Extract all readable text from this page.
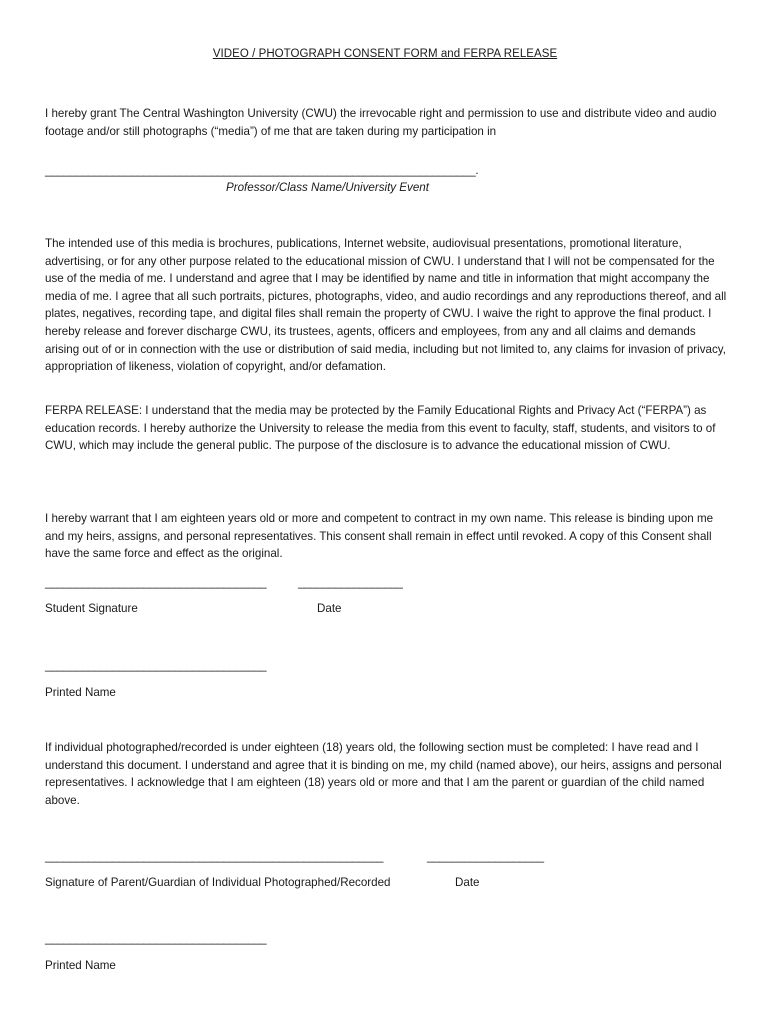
VIDEO / PHOTOGRAPH CONSENT FORM and FERPA RELEASE

I hereby grant The Central Washington University (CWU) the irrevocable right and permission to use and distribute video and audio footage and/or still photographs (“media”) of me that are taken during my participation in

______________________________________________________________________.
Professor/Class Name/University Event

The intended use of this media is brochures, publications, Internet website, audiovisual presentations, promotional literature, advertising, or for any other purpose related to the educational mission of CWU. I understand that I will not be compensated for the use of the media of me. I understand and agree that I may be identified by name and title in information that might accompany the media of me. I agree that all such portraits, pictures, photographs, video, and audio recordings and any reproductions thereof, and all plates, negatives, recording tape, and digital files shall remain the property of CWU. I waive the right to approve the final product. I hereby release and forever discharge CWU, its trustees, agents, officers and employees, from any and all claims and demands arising out of or in connection with the use or distribution of said media, including but not limited to, any claims for invasion of privacy, appropriation of likeness, violation of copyright, and/or defamation.

FERPA RELEASE: I understand that the media may be protected by the Family Educational Rights and Privacy Act (“FERPA”) as education records. I hereby authorize the University to release the media from this event to faculty, staff, students, and visitors to of CWU, which may include the general public. The purpose of the disclosure is to advance the educational mission of CWU.

I hereby warrant that I am eighteen years old or more and competent to contract in my own name. This release is binding upon me and my heirs, assigns, and personal representatives. This consent shall remain in effect until revoked. A copy of this Consent shall have the same force and effect as the original.

____________________________________	_________________
Student Signature	Date
____________________________________
Printed Name

If individual photographed/recorded is under eighteen (18) years old, the following section must be completed: I have read and I understand this document. I understand and agree that it is binding on me, my child (named above), our heirs, assigns and personal representatives. I acknowledge that I am eighteen (18) years old or more and that I am the parent or guardian of the child named above.

_______________________________________________________	___________________
Signature of Parent/Guardian of Individual Photographed/Recorded	Date
____________________________________
Printed Name
